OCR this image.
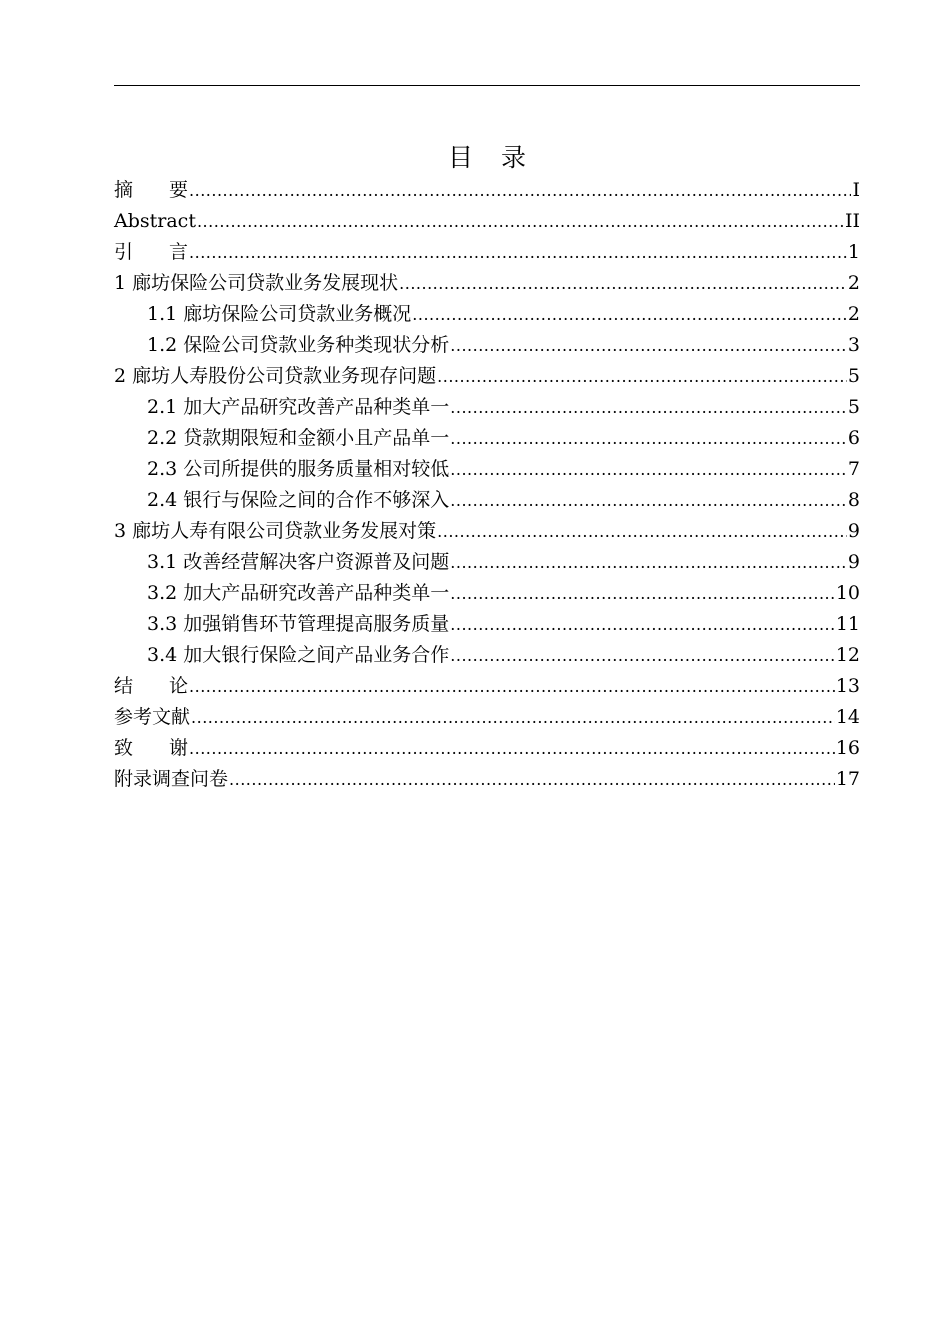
目录
摘要 .....	I
Abstract .....	II
引言 .....	1
1 廊坊保险公司贷款业务发展现状 .....	2
1.1 廊坊保险公司贷款业务概况 .....	2
1.2 保险公司贷款业务种类现状分析 .....	3
2 廊坊人寿股份公司贷款业务现存问题 .....	5
2.1 加大产品研究改善产品种类单一 .....	5
2.2 贷款期限短和金额小且产品单一 .....	6
2.3 公司所提供的服务质量相对较低 .....	7
2.4 银行与保险之间的合作不够深入 .....	8
3 廊坊人寿有限公司贷款业务发展对策 .....	9
3.1 改善经营解决客户资源普及问题 .....	9
3.2 加大产品研究改善产品种类单一 .....	10
3.3 加强销售环节管理提高服务质量 .....	11
3.4 加大银行保险之间产品业务合作 .....	12
结论 .....	13
参考文献 .....	14
致谢 .....	16
附录调查问卷 .....	17
